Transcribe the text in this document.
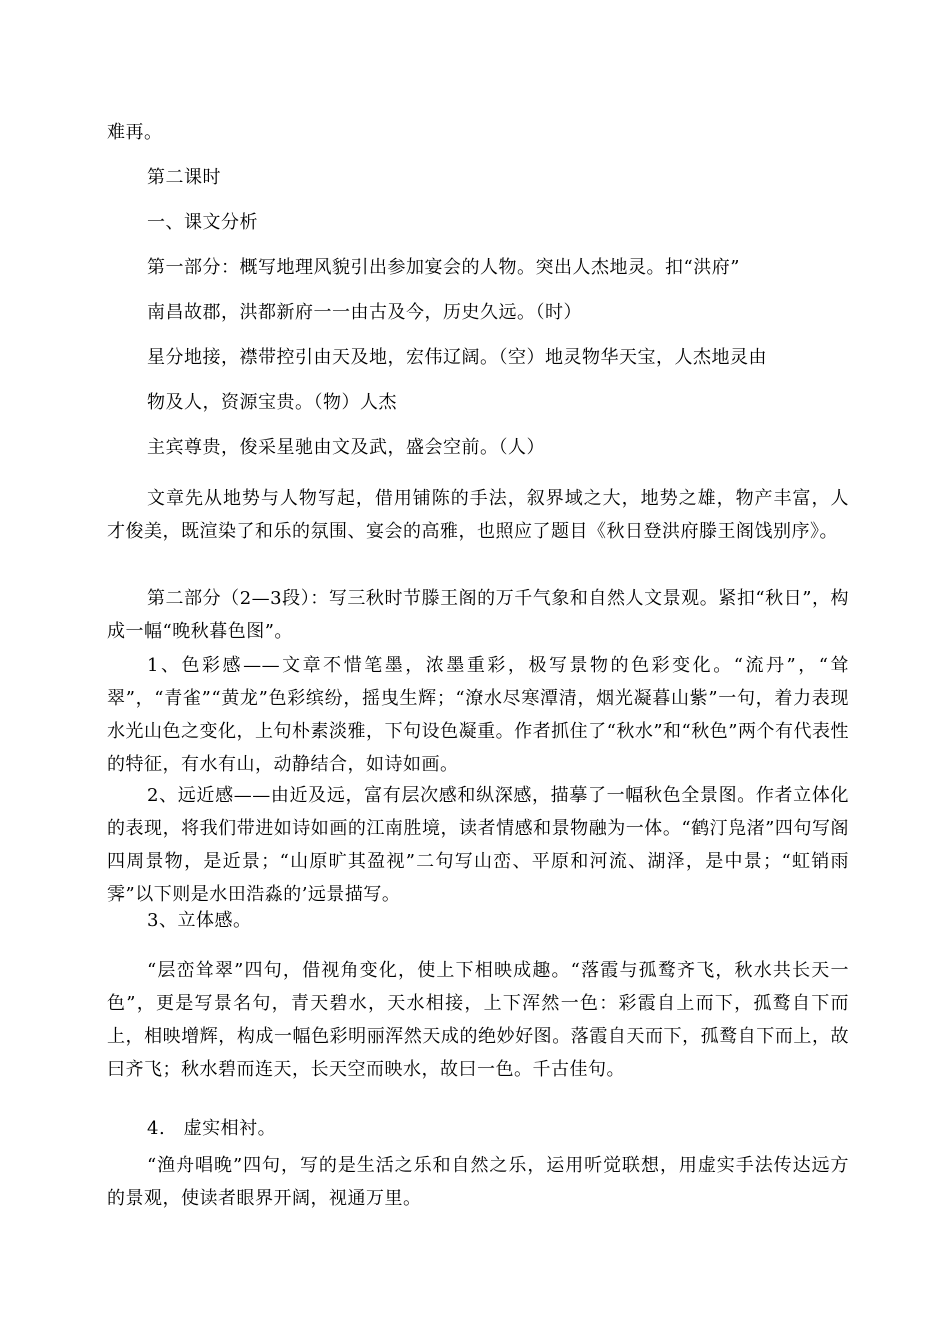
难再。
第二课时
一、课文分析
第一部分：概写地理风貌引出参加宴会的人物。突出人杰地灵。扣“洪府”
南昌故郡，洪都新府一一由古及今，历史久远。（时）
星分地接，襟带控引由天及地，宏伟辽阔。（空）地灵物华天宝，人杰地灵由
物及人，资源宝贵。（物）人杰
主宾尊贵，俊采星驰由文及武，盛会空前。（人）

文章先从地势与人物写起，借用铺陈的手法，叙界域之大，地势之雄，物产丰富，人才俊美，既渲染了和乐的氛围、宴会的高雅，也照应了题目《秋日登洪府滕王阁饯别序》。

第二部分（2—3段）：写三秋时节滕王阁的万千气象和自然人文景观。紧扣“秋日”，构成一幅“晚秋暮色图”。

1、色彩感——文章不惜笔墨，浓墨重彩，极写景物的色彩变化。“流丹”，“耸翠”，“青雀”“黄龙”色彩缤纷，摇曳生辉；“潦水尽寒潭清，烟光凝暮山紫”一句，着力表现水光山色之变化，上句朴素淡雅，下句设色凝重。作者抓住了“秋水”和“秋色”两个有代表性的特征，有水有山，动静结合，如诗如画。

2、远近感——由近及远，富有层次感和纵深感，描摹了一幅秋色全景图。作者立体化的表现，将我们带进如诗如画的江南胜境，读者情感和景物融为一体。“鹤汀凫渚”四句写阁四周景物，是近景；“山原旷其盈视”二句写山峦、平原和河流、湖泽，是中景；“虹销雨霁”以下则是水田浩淼的’远景描写。

3、立体感。

“层峦耸翠”四句，借视角变化，使上下相映成趣。“落霞与孤鹜齐飞，秋水共长天一色”，更是写景名句，青天碧水，天水相接，上下浑然一色：彩霞自上而下，孤鹜自下而上，相映增辉，构成一幅色彩明丽浑然天成的绝妙好图。落霞自天而下，孤鹜自下而上，故曰齐飞；秋水碧而连天，长天空而映水，故曰一色。千古佳句。

4.　虚实相衬。

“渔舟唱晚”四句，写的是生活之乐和自然之乐，运用听觉联想，用虚实手法传达远方的景观，使读者眼界开阔，视通万里。
